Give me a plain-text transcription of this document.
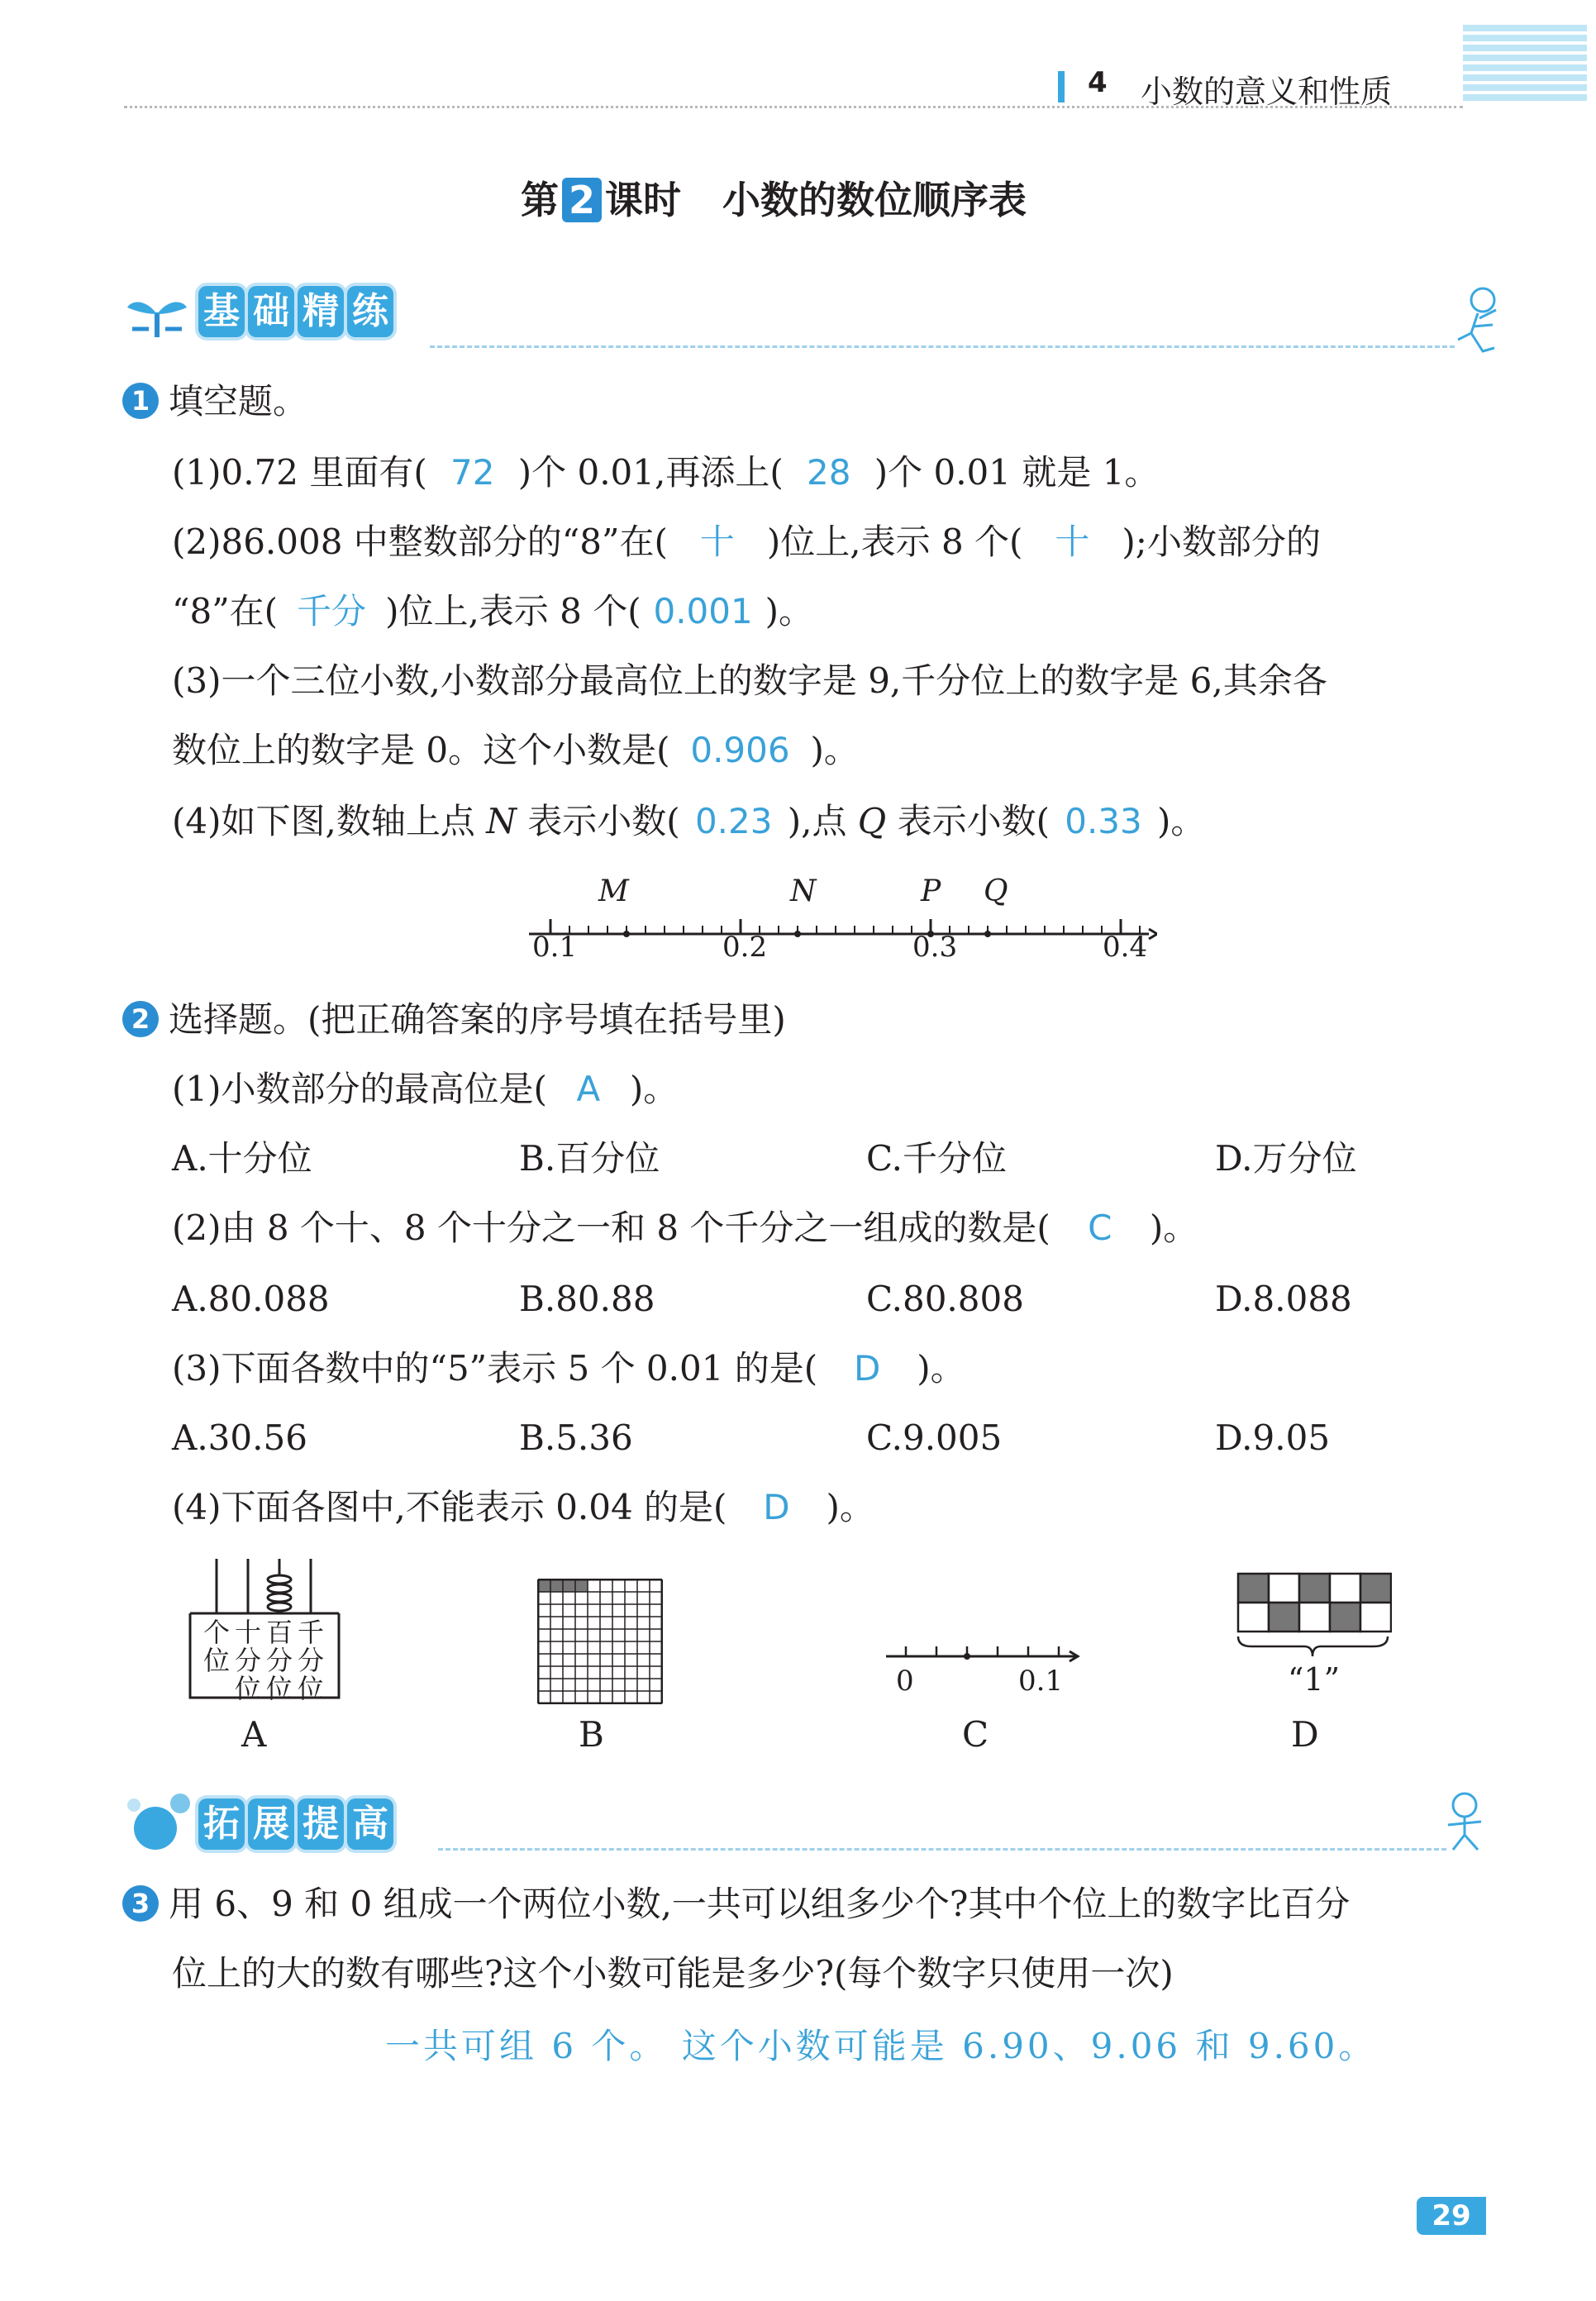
4 小数的意义和性质
第 2 课时 小数的数位顺序表
基 础 精 练
1 填空题。
(1)0.72 里面有( 72 )个 0.01,再添上( 28 )个 0.01 就是 1。
(2)86.008 中整数部分的“8”在( 十 )位上,表示 8 个( 十 );小数部分的
“8”在( 千分 )位上,表示 8 个( 0.001 )。
(3)一个三位小数,小数部分最高位上的数字是 9,千分位上的数字是 6,其余各
数位上的数字是 0。这个小数是( 0.906 )。
(4)如下图,数轴上点 N 表示小数( 0.23 ),点 Q 表示小数( 0.33 )。
M	N	P Q
0.1	0.2	0.3	0.4
2 选择题。(把正确答案的序号填在括号里)
(1)小数部分的最高位是( A )。
A.十分位	B.百分位	C.千分位	D.万分位
(2)由 8 个十、8 个十分之一和 8 个千分之一组成的数是( C )。
A.80.088	B.80.88	C.80.808	D.8.088
(3)下面各数中的“5”表示 5 个 0.01 的是( D )。
A.30.56	B.5.36	C.9.005	D.9.05
(4)下面各图中,不能表示 0.04 的是( D )。
个位
十分位
百分位
千分位	0	0.1	“1”
A	B	C	D
拓 展 提 高
3 用 6、9 和 0 组成一个两位小数,一共可以组多少个?其中个位上的数字比百分
位上的大的数有哪些?这个小数可能是多少?(每个数字只使用一次)
一共可组 6 个。 这个小数可能是 6.90、9.06 和 9.60。
29
